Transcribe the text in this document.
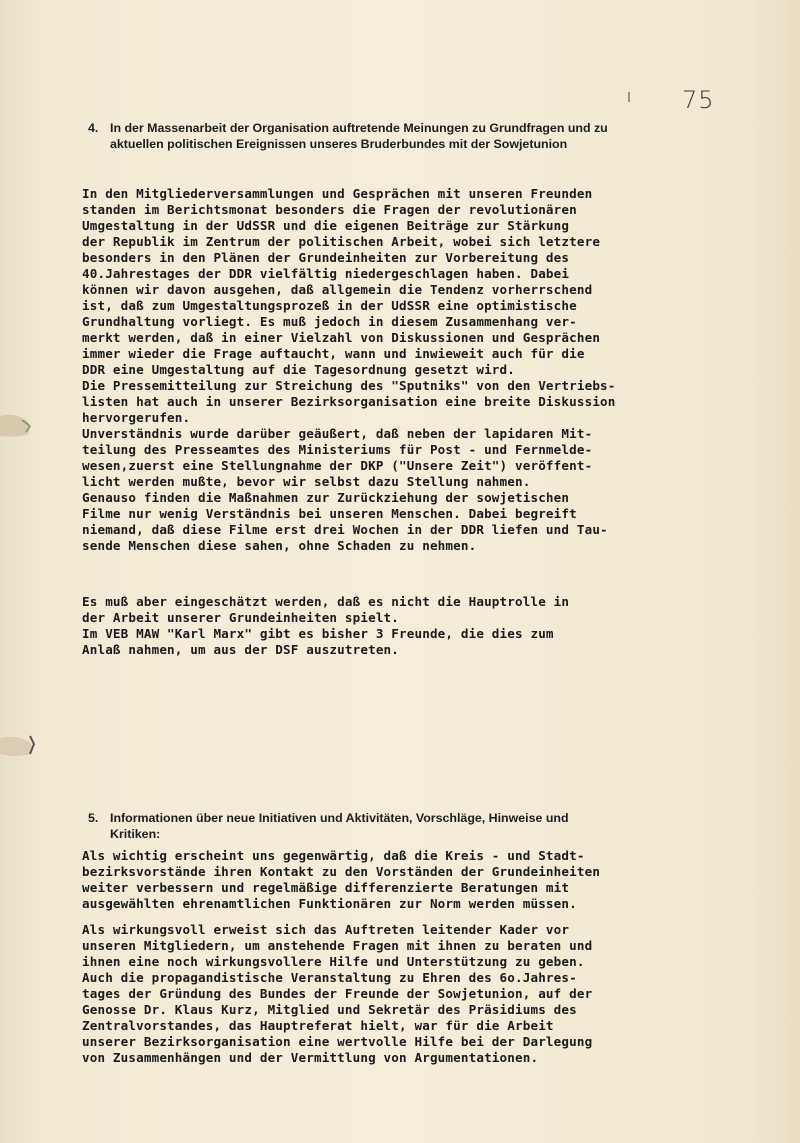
75
4. In der Massenarbeit der Organisation auftretende Meinungen zu Grundfragen und zu aktuellen politischen Ereignissen unseres Bruderbundes mit der Sowjetunion
In den Mitgliederversammlungen und Gesprächen mit unseren Freunden
standen im Berichtsmonat besonders die Fragen der revolutionären
Umgestaltung in der UdSSR und die eigenen Beiträge zur Stärkung
der Republik im Zentrum der politischen Arbeit, wobei sich letztere
besonders in den Plänen der Grundeinheiten zur Vorbereitung des
40.Jahrestages der DDR vielfältig niedergeschlagen haben. Dabei
können wir davon ausgehen, daß allgemein die Tendenz vorherrschend
ist, daß zum Umgestaltungsprozeß in der UdSSR eine optimistische
Grundhaltung vorliegt. Es muß jedoch in diesem Zusammenhang ver-
merkt werden, daß in einer Vielzahl von Diskussionen und Gesprächen
immer wieder die Frage auftaucht, wann und inwieweit auch für die
DDR eine Umgestaltung auf die Tagesordnung gesetzt wird.
Die Pressemitteilung zur Streichung des "Sputniks" von den Vertriebs-
listen hat auch in unserer Bezirksorganisation eine breite Diskussion
hervorgerufen.
Unverständnis wurde darüber geäußert, daß neben der lapidaren Mit-
teilung des Presseamtes des Ministeriums für Post - und Fernmelde-
wesen,zuerst eine Stellungnahme der DKP ("Unsere Zeit") veröffent-
licht werden mußte, bevor wir selbst dazu Stellung nahmen.
Genauso finden die Maßnahmen zur Zurückziehung der sowjetischen
Filme nur wenig Verständnis bei unseren Menschen. Dabei begreift
niemand, daß diese Filme erst drei Wochen in der DDR liefen und Tau-
sende Menschen diese sahen, ohne Schaden zu nehmen.
Es muß aber eingeschätzt werden, daß es nicht die Hauptrolle in
der Arbeit unserer Grundeinheiten spielt.
Im VEB MAW "Karl Marx" gibt es bisher 3 Freunde, die dies zum
Anlaß nahmen, um aus der DSF auszutreten.
5. Informationen über neue Initiativen und Aktivitäten, Vorschläge, Hinweise und Kritiken:
Als wichtig erscheint uns gegenwärtig, daß die Kreis - und Stadt-
bezirksvorstände ihren Kontakt zu den Vorständen der Grundeinheiten
weiter verbessern und regelmäßige differenzierte Beratungen mit
ausgewählten ehrenamtlichen Funktionären zur Norm werden müssen.
Als wirkungsvoll erweist sich das Auftreten leitender Kader vor
unseren Mitgliedern, um anstehende Fragen mit ihnen zu beraten und
ihnen eine noch wirkungsvollere Hilfe und Unterstützung zu geben.
Auch die propagandistische Veranstaltung zu Ehren des 6o.Jahres-
tages der Gründung des Bundes der Freunde der Sowjetunion, auf der
Genosse Dr. Klaus Kurz, Mitglied und Sekretär des Präsidiums des
Zentralvorstandes, das Hauptreferat hielt, war für die Arbeit
unserer Bezirksorganisation eine wertvolle Hilfe bei der Darlegung
von Zusammenhängen und der Vermittlung von Argumentationen.
